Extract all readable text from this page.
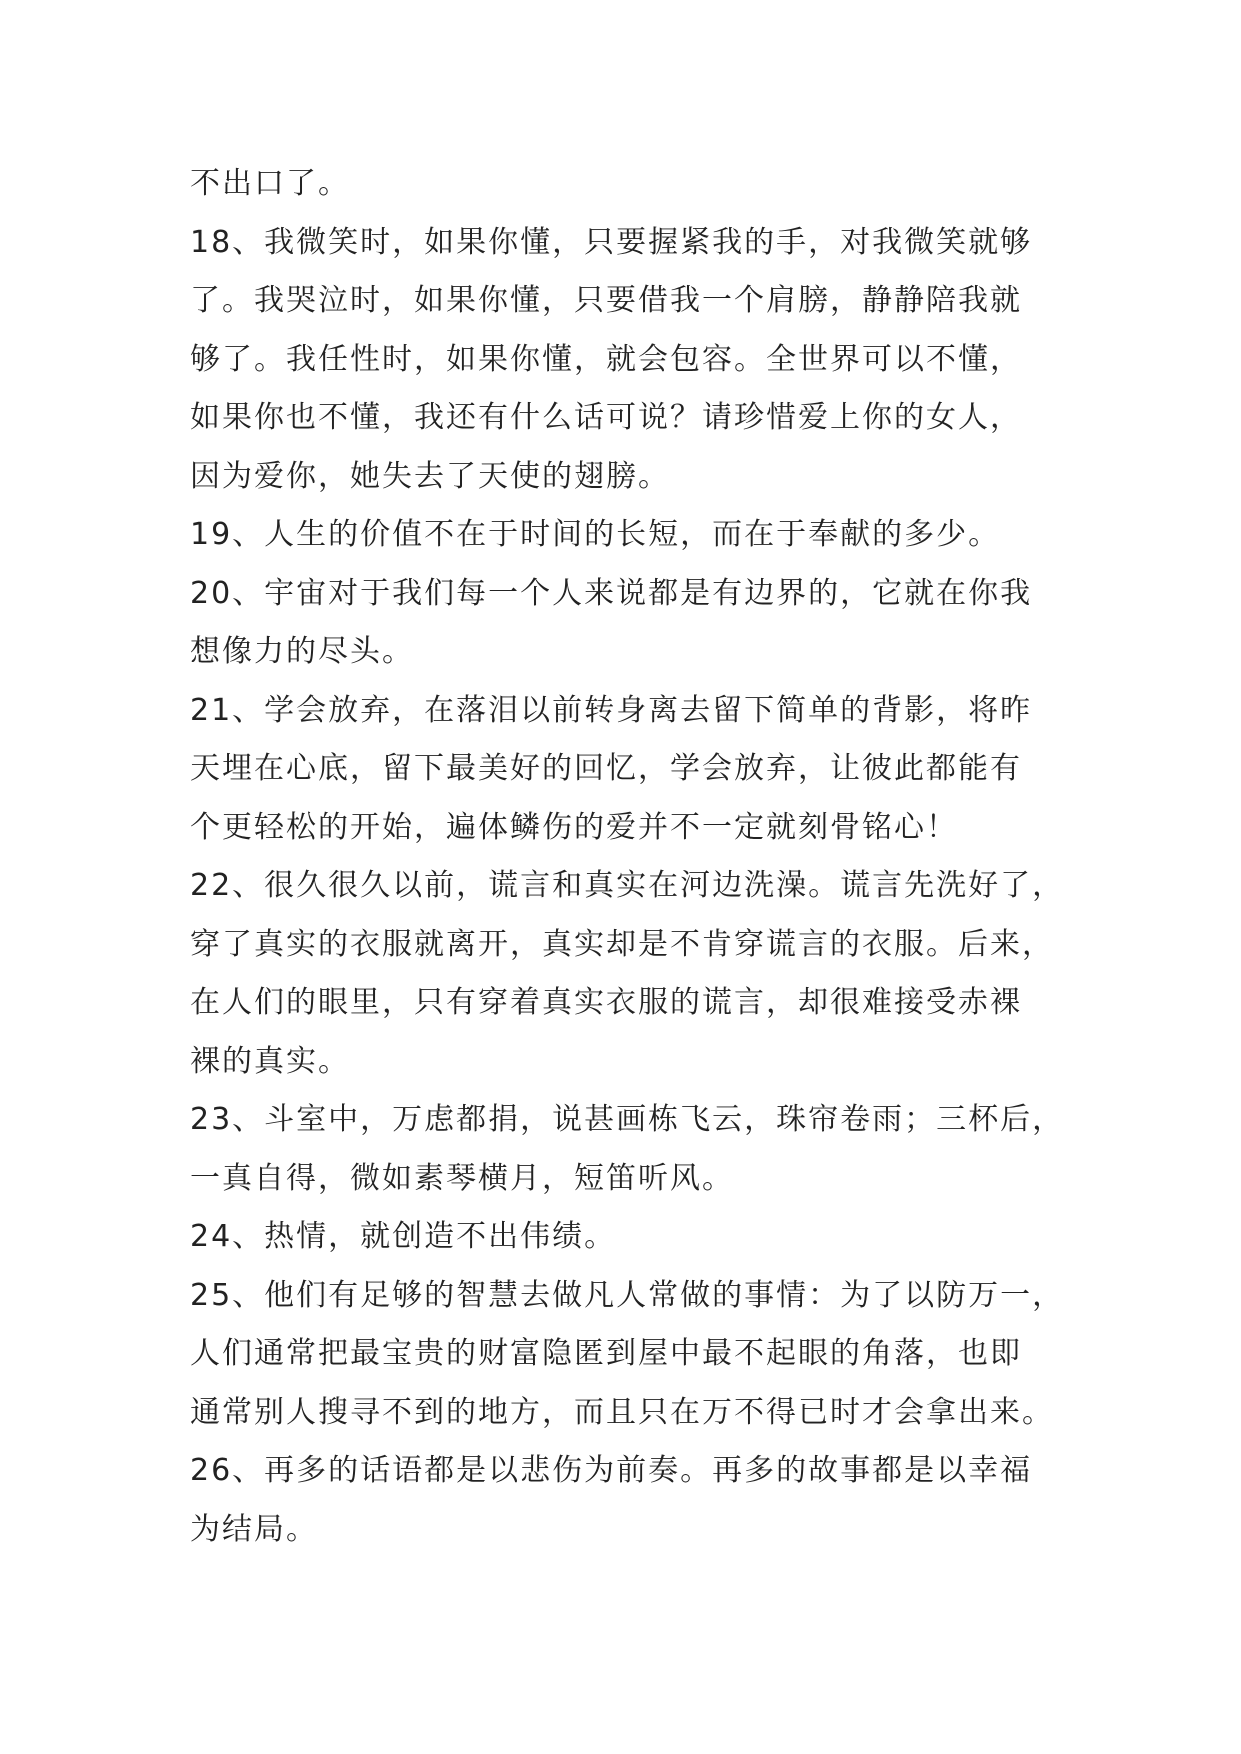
不出口了。
18、我微笑时，如果你懂，只要握紧我的手，对我微笑就够
了。我哭泣时，如果你懂，只要借我一个肩膀，静静陪我就
够了。我任性时，如果你懂，就会包容。全世界可以不懂，
如果你也不懂，我还有什么话可说？请珍惜爱上你的女人，
因为爱你，她失去了天使的翅膀。
19、人生的价值不在于时间的长短，而在于奉献的多少。
20、宇宙对于我们每一个人来说都是有边界的，它就在你我
想像力的尽头。
21、学会放弃，在落泪以前转身离去留下简单的背影，将昨
天埋在心底，留下最美好的回忆，学会放弃，让彼此都能有
个更轻松的开始，遍体鳞伤的爱并不一定就刻骨铭心！
22、很久很久以前，谎言和真实在河边洗澡。谎言先洗好了，
穿了真实的衣服就离开，真实却是不肯穿谎言的衣服。后来，
在人们的眼里，只有穿着真实衣服的谎言，却很难接受赤裸
裸的真实。
23、斗室中，万虑都捐，说甚画栋飞云，珠帘卷雨；三杯后，
一真自得，微如素琴横月，短笛听风。
24、热情，就创造不出伟绩。
25、他们有足够的智慧去做凡人常做的事情：为了以防万一，
人们通常把最宝贵的财富隐匿到屋中最不起眼的角落，也即
通常别人搜寻不到的地方，而且只在万不得已时才会拿出来。
26、再多的话语都是以悲伤为前奏。再多的故事都是以幸福
为结局。
